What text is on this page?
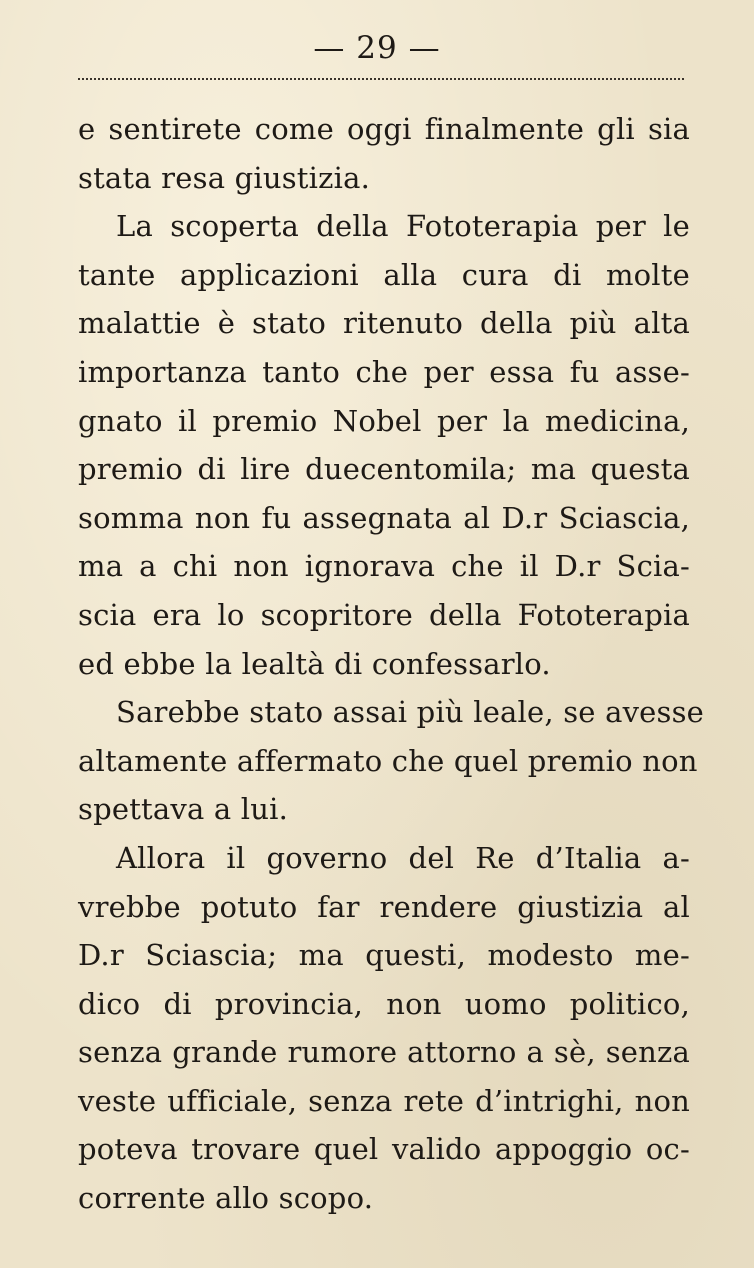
— 29 —
e sentirete come oggi finalmente gli sia
stata resa giustizia.
La scoperta della Fototerapia per le
tante applicazioni alla cura di molte
malattie è stato ritenuto della più alta
importanza tanto che per essa fu asse-
gnato il premio Nobel per la medicina,
premio di lire duecentomila; ma questa
somma non fu assegnata al D.r Sciascia,
ma a chi non ignorava che il D.r Scia-
scia era lo scopritore della Fototerapia
ed ebbe la lealtà di confessarlo.
Sarebbe stato assai più leale, se avesse
altamente affermato che quel premio non
spettava a lui.
Allora il governo del Re d’Italia a-
vrebbe potuto far rendere giustizia al
D.r Sciascia; ma questi, modesto me-
dico di provincia, non uomo politico,
senza grande rumore attorno a sè, senza
veste ufficiale, senza rete d’intrighi, non
poteva trovare quel valido appoggio oc-
corrente allo scopo.
